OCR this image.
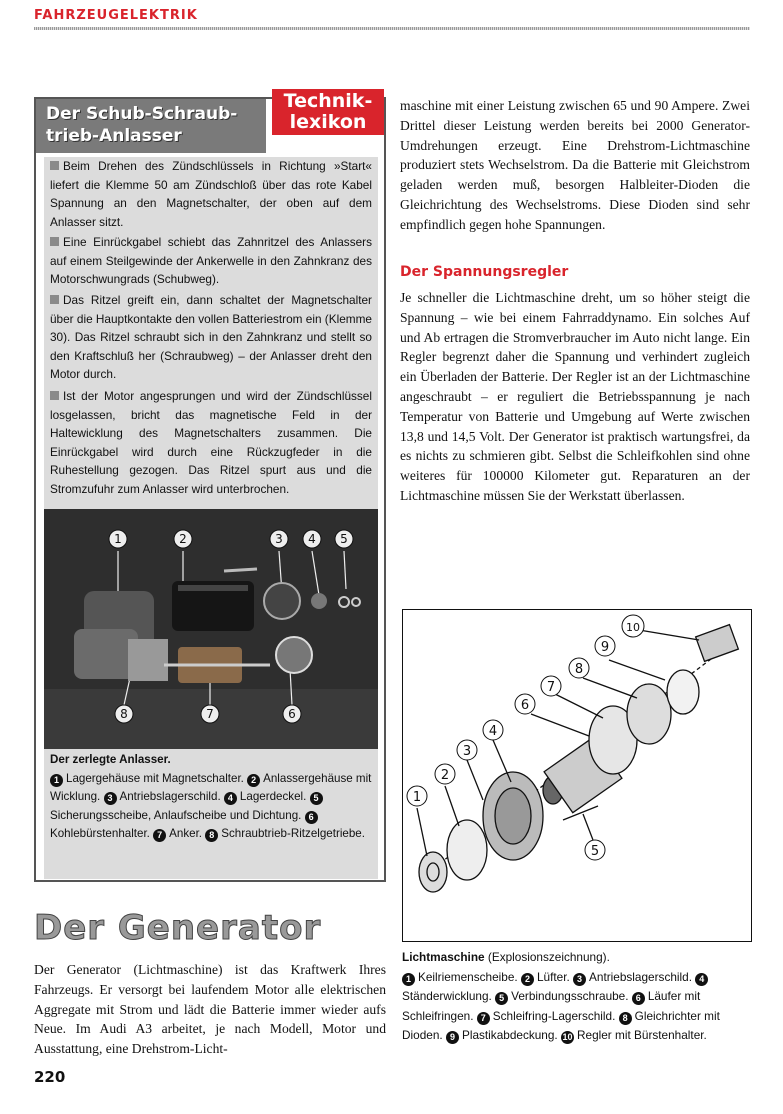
FAHRZEUGELEKTRIK
Der Schub-Schraub-
trieb-Anlasser
Technik-
lexikon
Beim Drehen des Zündschlüssels in Richtung »Start« liefert die Klemme 50 am Zündschloß über das rote Kabel Spannung an den Magnetschalter, der oben auf dem Anlasser sitzt.
Eine Einrückgabel schiebt das Zahnritzel des Anlassers auf einem Steilgewinde der Ankerwelle in den Zahnkranz des Motorschwungrads (Schubweg).
Das Ritzel greift ein, dann schaltet der Magnetschalter über die Hauptkontakte den vollen Batteriestrom ein (Klemme 30). Das Ritzel schraubt sich in den Zahnkranz und stellt so den Kraftschluß her (Schraubweg) – der Anlasser dreht den Motor durch.
Ist der Motor angesprungen und wird der Zündschlüssel losgelassen, bricht das magnetische Feld in der Haltewicklung des Magnetschalters zusammen. Die Einrückgabel wird durch eine Rückzugfeder in die Ruhestellung gezogen. Das Ritzel spurt aus und die Stromzufuhr zum Anlasser wird unterbrochen.
1	2	3 4 5
8	7	6
Der zerlegte Anlasser.
1 Lagergehäuse mit Magnetschalter. 2 Anlassergehäuse mit Wicklung. 3 Antriebslagerschild. 4 Lagerdeckel. 5Sicherungsscheibe, Anlaufscheibe und Dichtung. 6Kohlebürstenhalter. 7 Anker. 8 Schraubtrieb-Ritzelgetriebe.
maschine mit einer Leistung zwischen 65 und 90 Ampere. Zwei Drittel dieser Leistung werden bereits bei 2000 Generator-Umdrehungen erzeugt. Eine Drehstrom-Lichtmaschine produziert stets Wechselstrom. Da die Batterie mit Gleichstrom geladen werden muß, besorgen Halbleiter-Dioden die Gleichrichtung des Wechselstroms. Diese Dioden sind sehr empfindlich gegen hohe Spannungen.
Der Spannungsregler
Je schneller die Lichtmaschine dreht, um so höher steigt die Spannung – wie bei einem Fahrraddynamo. Ein solches Auf und Ab ertragen die Stromverbraucher im Auto nicht lange. Ein Regler begrenzt daher die Spannung und verhindert zugleich ein Überladen der Batterie. Der Regler ist an der Lichtmaschine angeschraubt – er reguliert die Betriebsspannung je nach Temperatur von Batterie und Umgebung auf Werte zwischen 13,8 und 14,5 Volt. Der Generator ist praktisch wartungsfrei, da es nichts zu schmieren gibt. Selbst die Schleifkohlen sind ohne weiteres für 100000 Kilometer gut. Reparaturen an der Lichtmaschine müssen Sie der Werkstatt überlassen.
1
2
3
4
5
6
7
8
9
10
Lichtmaschine (Explosionszeichnung).
1 Keilriemenscheibe. 2 Lüfter. 3 Antriebslagerschild. 4Ständerwicklung. 5 Verbindungsschraube. 6 Läufer mit Schleifringen. 7 Schleifring-Lagerschild. 8 Gleichrichter mit Dioden. 9 Plastikabdeckung. 10 Regler mit Bürstenhalter.
Der Generator
Der Generator (Lichtmaschine) ist das Kraftwerk Ihres Fahrzeugs. Er versorgt bei laufendem Motor alle elektrischen Aggregate mit Strom und lädt die Batterie immer wieder aufs Neue. Im Audi A3 arbeitet, je nach Modell, Motor und Ausstattung, eine Drehstrom-Licht-
220
